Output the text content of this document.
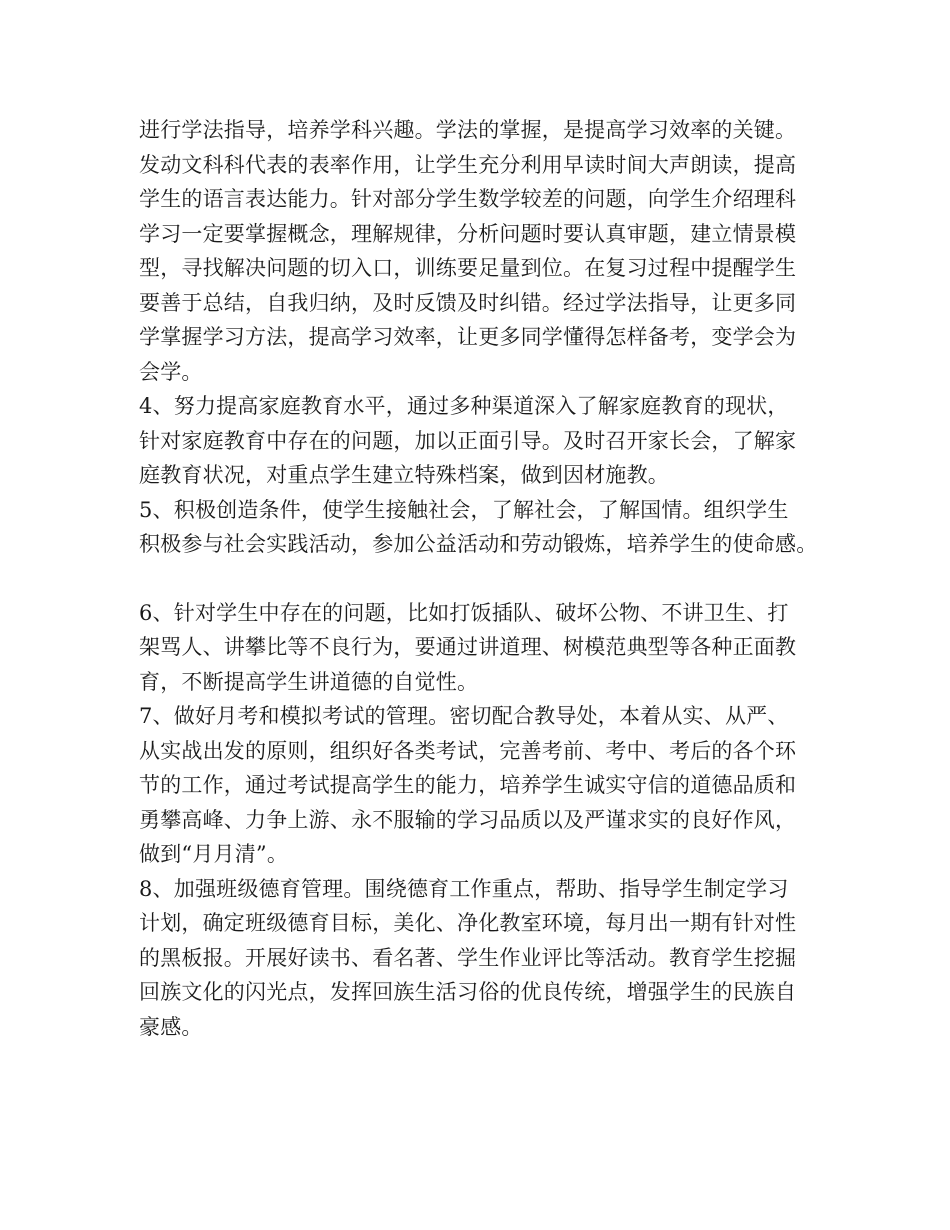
进行学法指导，培养学科兴趣。学法的掌握，是提高学习效率的关键。
发动文科科代表的表率作用，让学生充分利用早读时间大声朗读，提高
学生的语言表达能力。针对部分学生数学较差的问题，向学生介绍理科
学习一定要掌握概念，理解规律，分析问题时要认真审题，建立情景模
型，寻找解决问题的切入口，训练要足量到位。在复习过程中提醒学生
要善于总结，自我归纳，及时反馈及时纠错。经过学法指导，让更多同
学掌握学习方法，提高学习效率，让更多同学懂得怎样备考，变学会为
会学。

4、努力提高家庭教育水平，通过多种渠道深入了解家庭教育的现状，
针对家庭教育中存在的问题，加以正面引导。及时召开家长会，了解家
庭教育状况，对重点学生建立特殊档案，做到因材施教。

5、积极创造条件，使学生接触社会，了解社会，了解国情。组织学生
积极参与社会实践活动，参加公益活动和劳动锻炼，培养学生的使命感。

6、针对学生中存在的问题，比如打饭插队、破坏公物、不讲卫生、打
架骂人、讲攀比等不良行为，要通过讲道理、树模范典型等各种正面教
育，不断提高学生讲道德的自觉性。

7、做好月考和模拟考试的管理。密切配合教导处，本着从实、从严、
从实战出发的原则，组织好各类考试，完善考前、考中、考后的各个环
节的工作，通过考试提高学生的能力，培养学生诚实守信的道德品质和
勇攀高峰、力争上游、永不服输的学习品质以及严谨求实的良好作风，
做到“月月清”。

8、加强班级德育管理。围绕德育工作重点，帮助、指导学生制定学习
计划，确定班级德育目标，美化、净化教室环境，每月出一期有针对性
的黑板报。开展好读书、看名著、学生作业评比等活动。教育学生挖掘
回族文化的闪光点，发挥回族生活习俗的优良传统，增强学生的民族自
豪感。
